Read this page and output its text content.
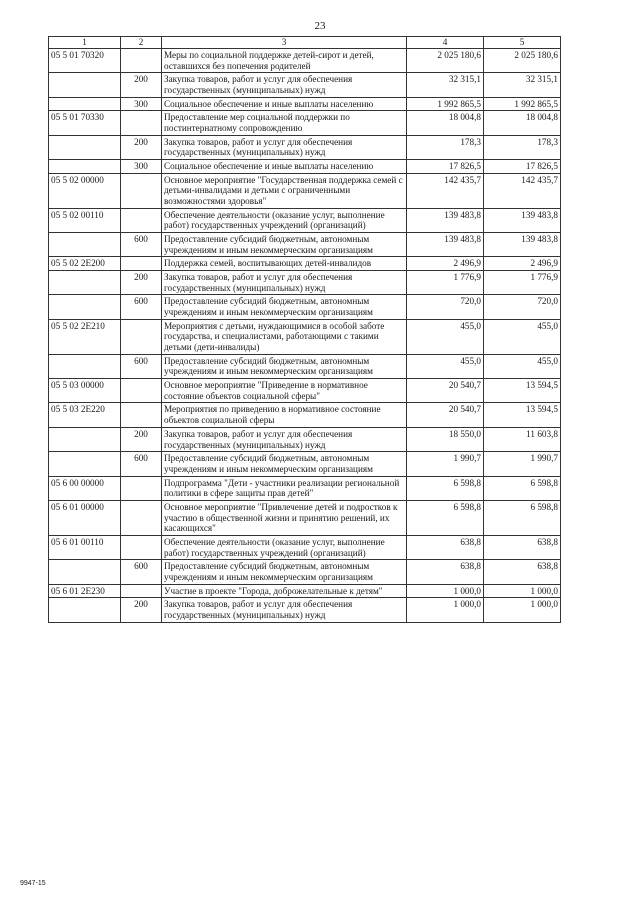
23
1	2	3	4	5
05 5 01 70320		Меры по социальной поддержке детей-сирот и детей, оставшихся без попечения родителей	2 025 180,6	2 025 180,6
	200	Закупка товаров, работ и услуг для обеспечения государственных (муниципальных) нужд	32 315,1	32 315,1
	300	Социальное обеспечение и иные выплаты населению	1 992 865,5	1 992 865,5
05 5 01 70330		Предоставление мер социальной поддержки по постинтернатному сопровождению	18 004,8	18 004,8
	200	Закупка товаров, работ и услуг для обеспечения государственных (муниципальных) нужд	178,3	178,3
	300	Социальное обеспечение и иные выплаты населению	17 826,5	17 826,5
05 5 02 00000		Основное мероприятие "Государственная поддержка семей с детьми-инвалидами и детьми с ограниченными возможностями здоровья"	142 435,7	142 435,7
05 5 02 00110		Обеспечение деятельности (оказание услуг, выполнение работ) государственных учреждений (организаций)	139 483,8	139 483,8
	600	Предоставление субсидий бюджетным, автономным учреждениям и иным некоммерческим организациям	139 483,8	139 483,8
05 5 02 2E200		Поддержка семей, воспитывающих детей-инвалидов	2 496,9	2 496,9
	200	Закупка товаров, работ и услуг для обеспечения государственных (муниципальных) нужд	1 776,9	1 776,9
	600	Предоставление субсидий бюджетным, автономным учреждениям и иным некоммерческим организациям	720,0	720,0
05 5 02 2E210		Мероприятия с детьми, нуждающимися в особой заботе государства, и специалистами, работающими с такими детьми (дети-инвалиды)	455,0	455,0
	600	Предоставление субсидий бюджетным, автономным учреждениям и иным некоммерческим организациям	455,0	455,0
05 5 03 00000		Основное мероприятие "Приведение в нормативное состояние объектов социальной сферы"	20 540,7	13 594,5
05 5 03 2E220		Мероприятия по приведению в нормативное состояние объектов социальной сферы	20 540,7	13 594,5
	200	Закупка товаров, работ и услуг для обеспечения государственных (муниципальных) нужд	18 550,0	11 603,8
	600	Предоставление субсидий бюджетным, автономным учреждениям и иным некоммерческим организациям	1 990,7	1 990,7
05 6 00 00000		Подпрограмма "Дети - участники реализации региональной политики в сфере защиты прав детей"	6 598,8	6 598,8
05 6 01 00000		Основное мероприятие "Привлечение детей и подростков к участию в общественной жизни и принятию решений, их касающихся"	6 598,8	6 598,8
05 6 01 00110		Обеспечение деятельности (оказание услуг, выполнение работ) государственных учреждений (организаций)	638,8	638,8
	600	Предоставление субсидий бюджетным, автономным учреждениям и иным некоммерческим организациям	638,8	638,8
05 6 01 2E230		Участие в проекте "Города, доброжелательные к детям"	1 000,0	1 000,0
	200	Закупка товаров, работ и услуг для обеспечения государственных (муниципальных) нужд	1 000,0	1 000,0
9947-15
